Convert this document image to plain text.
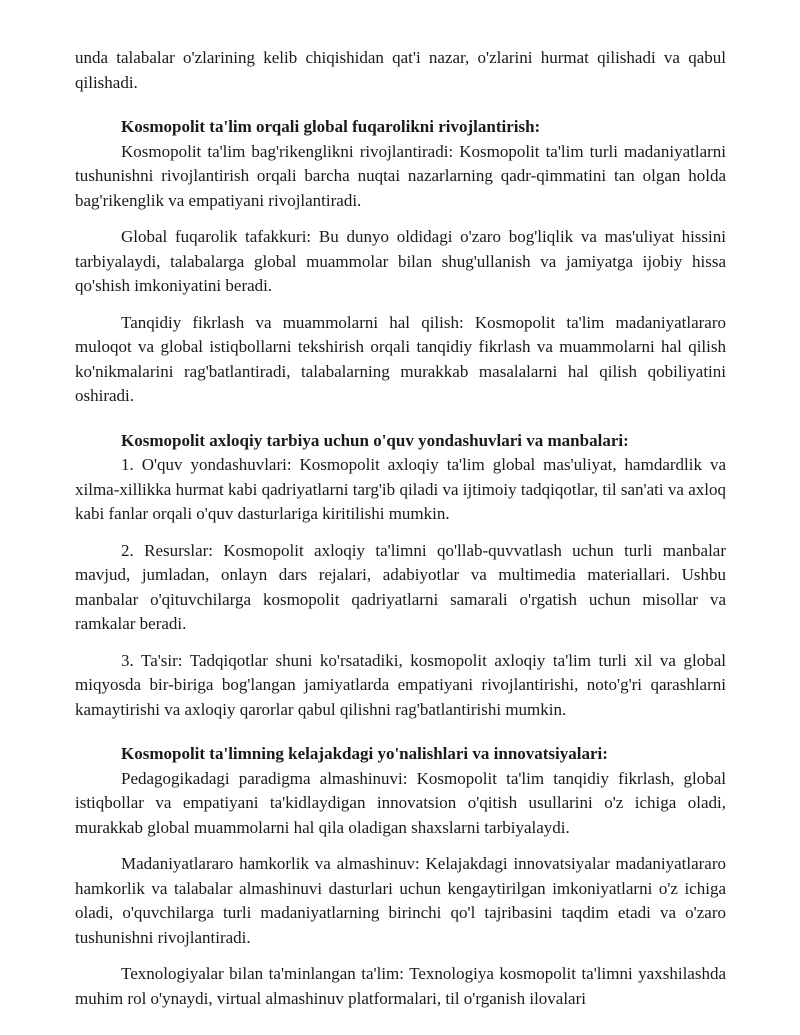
unda talabalar o'zlarining kelib chiqishidan qat'i nazar, o'zlarini hurmat qilishadi va qabul qilishadi.

Kosmopolit ta'lim orqali global fuqarolikni rivojlantirish:

Kosmopolit ta'lim bag'rikenglikni rivojlantiradi: Kosmopolit ta'lim turli madaniyatlarni tushunishni rivojlantirish orqali barcha nuqtai nazarlarning qadr-qimmatini tan olgan holda bag'rikenglik va empatiyani rivojlantiradi.

Global fuqarolik tafakkuri: Bu dunyo oldidagi o'zaro bog'liqlik va mas'uliyat hissini tarbiyalaydi, talabalarga global muammolar bilan shug'ullanish va jamiyatga ijobiy hissa qo'shish imkoniyatini beradi.

Tanqidiy fikrlash va muammolarni hal qilish: Kosmopolit ta'lim madaniyatlararo muloqot va global istiqbollarni tekshirish orqali tanqidiy fikrlash va muammolarni hal qilish ko'nikmalarini rag'batlantiradi, talabalarning murakkab masalalarni hal qilish qobiliyatini oshiradi.

Kosmopolit axloqiy tarbiya uchun o'quv yondashuvlari va manbalari:

1. O'quv yondashuvlari: Kosmopolit axloqiy ta'lim global mas'uliyat, hamdardlik va xilma-xillikka hurmat kabi qadriyatlarni targ'ib qiladi va ijtimoiy tadqiqotlar, til san'ati va axloq kabi fanlar orqali o'quv dasturlariga kiritilishi mumkin.

2. Resurslar: Kosmopolit axloqiy ta'limni qo'llab-quvvatlash uchun turli manbalar mavjud, jumladan, onlayn dars rejalari, adabiyotlar va multimedia materiallari. Ushbu manbalar o'qituvchilarga kosmopolit qadriyatlarni samarali o'rgatish uchun misollar va ramkalar beradi.

3. Ta'sir: Tadqiqotlar shuni ko'rsatadiki, kosmopolit axloqiy ta'lim turli xil va global miqyosda bir-biriga bog'langan jamiyatlarda empatiyani rivojlantirishi, noto'g'ri qarashlarni kamaytirishi va axloqiy qarorlar qabul qilishni rag'batlantirishi mumkin.

Kosmopolit ta'limning kelajakdagi yo'nalishlari va innovatsiyalari:

Pedagogikadagi paradigma almashinuvi: Kosmopolit ta'lim tanqidiy fikrlash, global istiqbollar va empatiyani ta'kidlaydigan innovatsion o'qitish usullarini o'z ichiga oladi, murakkab global muammolarni hal qila oladigan shaxslarni tarbiyalaydi.

Madaniyatlararo hamkorlik va almashinuv: Kelajakdagi innovatsiyalar madaniyatlararo hamkorlik va talabalar almashinuvi dasturlari uchun kengaytirilgan imkoniyatlarni o'z ichiga oladi, o'quvchilarga turli madaniyatlarning birinchi qo'l tajribasini taqdim etadi va o'zaro tushunishni rivojlantiradi.

Texnologiyalar bilan ta'minlangan ta'lim: Texnologiya kosmopolit ta'limni yaxshilashda muhim rol o'ynaydi, virtual almashinuv platformalari, til o'rganish ilovalari
